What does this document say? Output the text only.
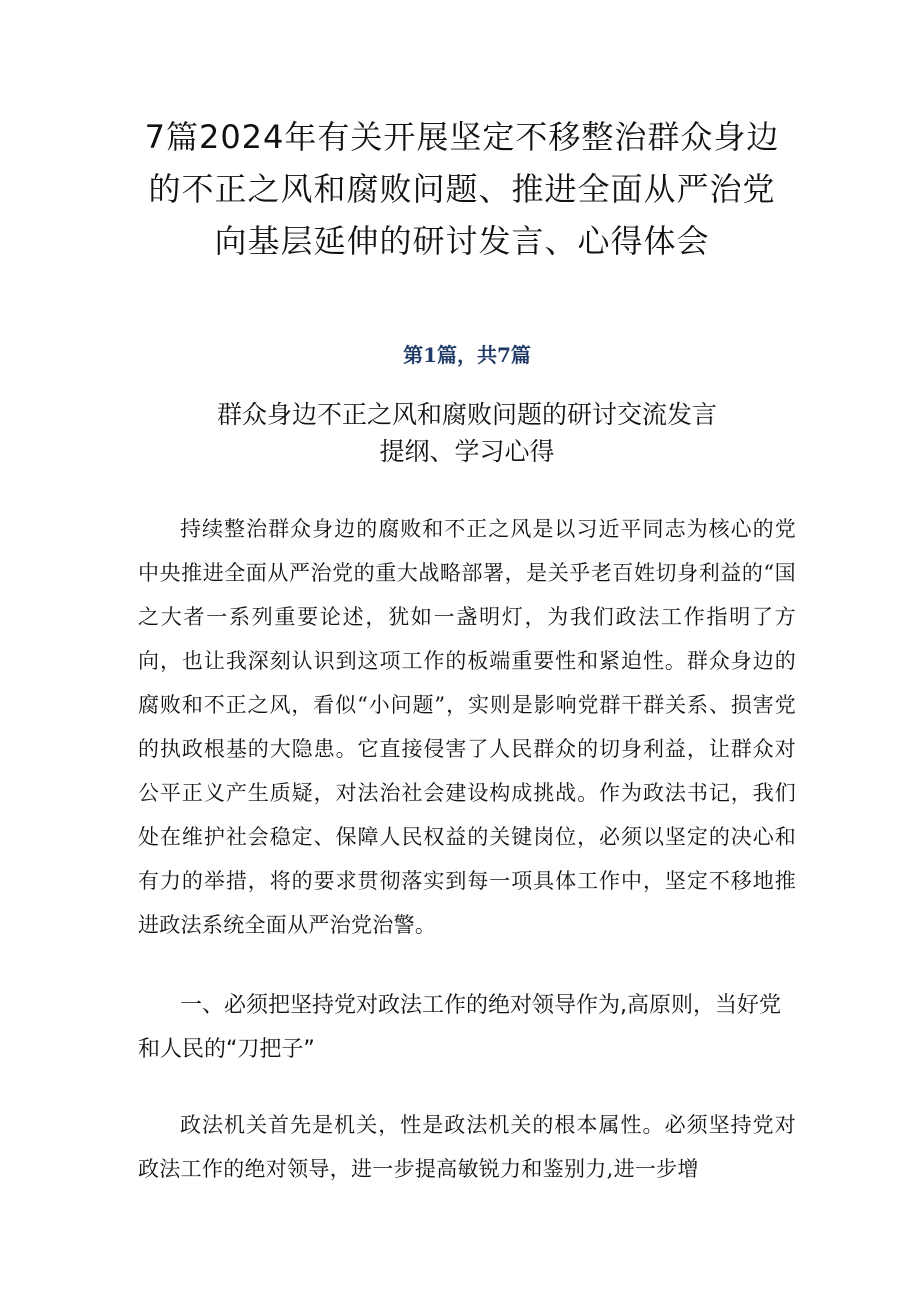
7篇2024年有关开展坚定不移整治群众身边的不正之风和腐败问题、推进全面从严治党向基层延伸的研讨发言、心得体会
第1篇，共7篇
群众身边不正之风和腐败问题的研讨交流发言
提纲、学习心得

持续整治群众身边的腐败和不正之风是以习近平同志为核心的党中央推进全面从严治党的重大战略部署，是关乎老百姓切身利益的“国之大者一系列重要论述，犹如一盏明灯，为我们政法工作指明了方向，也让我深刻认识到这项工作的板端重要性和紧迫性。群众身边的腐败和不正之风，看似“小问题”，实则是影响党群干群关系、损害党的执政根基的大隐患。它直接侵害了人民群众的切身利益，让群众对公平正义产生质疑，对法治社会建设构成挑战。作为政法书记，我们处在维护社会稳定、保障人民权益的关键岗位，必须以坚定的决心和有力的举措，将的要求贯彻落实到每一项具体工作中，坚定不移地推进政法系统全面从严治党治警。

一、必须把坚持党对政法工作的绝对领导作为,高原则，当好党和人民的“刀把子”

政法机关首先是机关，性是政法机关的根本属性。必须坚持党对政法工作的绝对领导，进一步提高敏锐力和鉴别力,进一步增
